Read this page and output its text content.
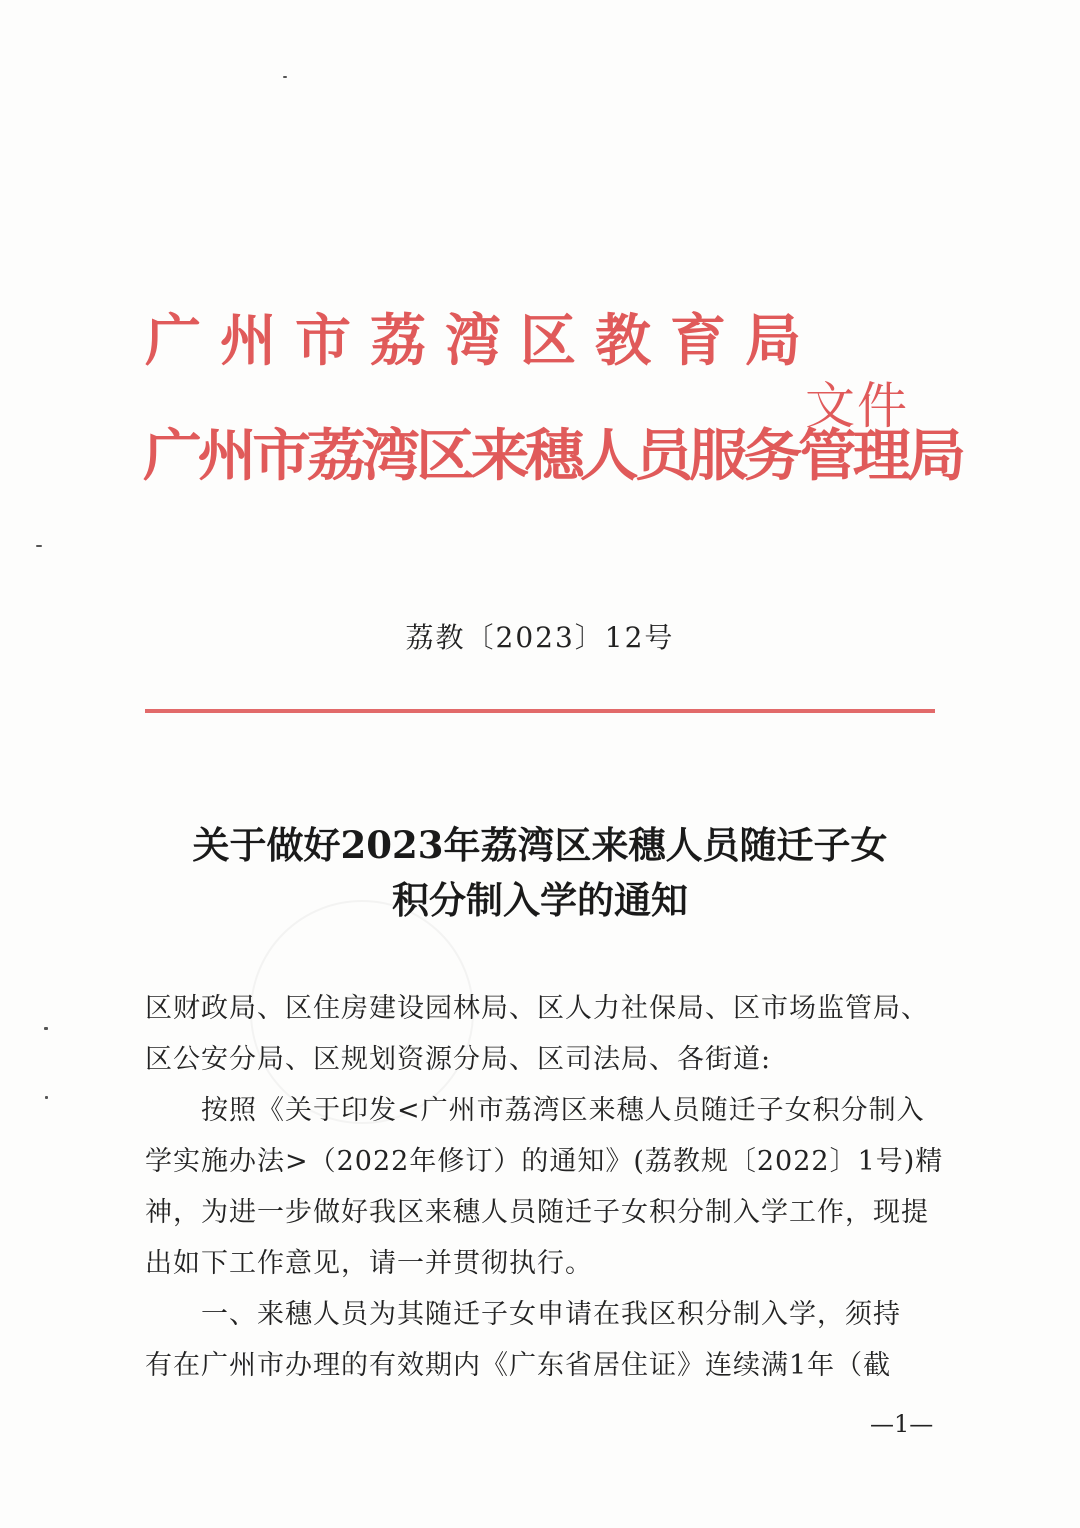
广州市荔湾区教育局
广州市荔湾区来穗人员服务管理局
文件
荔教〔2023〕12号
关于做好2023年荔湾区来穗人员随迁子女
积分制入学的通知
区财政局、区住房建设园林局、区人力社保局、区市场监管局、
区公安分局、区规划资源分局、区司法局、各街道:
　　按照《关于印发<广州市荔湾区来穗人员随迁子女积分制入
学实施办法>（2022年修订）的通知》(荔教规〔2022〕1号)精
神，为进一步做好我区来穗人员随迁子女积分制入学工作，现提
出如下工作意见，请一并贯彻执行。
　　一、来穗人员为其随迁子女申请在我区积分制入学，须持
有在广州市办理的有效期内《广东省居住证》连续满1年（截
—1—
